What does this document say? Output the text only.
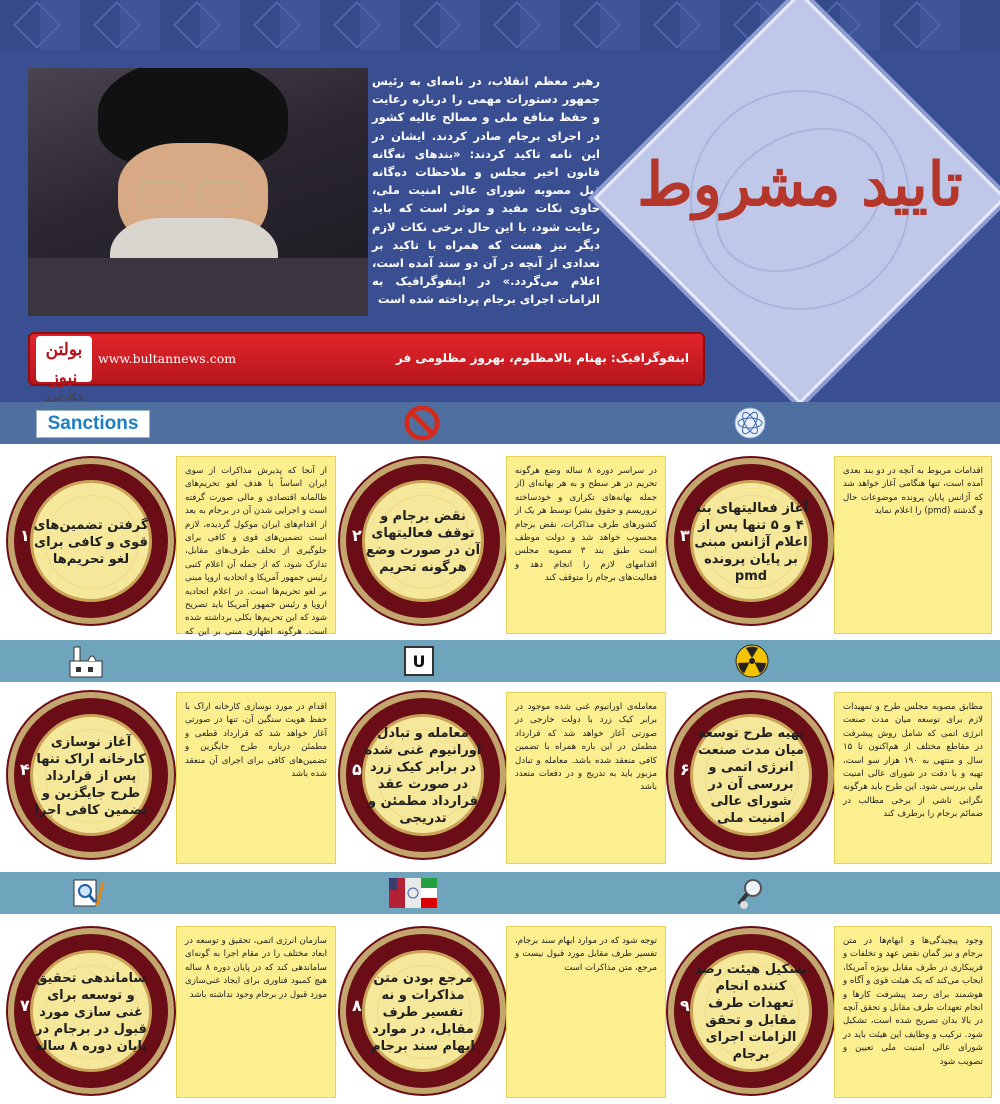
رهبر معظم انقلاب، در نامه‌ای به رئیس جمهور دستورات مهمی را درباره رعایت و حفظ منافع ملی و مصالح عالیه کشور در اجرای برجام صادر کردند. ایشان در این نامه تاکید کردند: «بندهای نه‌گانه قانون اخیر مجلس و ملاحظات ده‌گانه ذیل مصوبه شورای عالی امنیت ملی، حاوی نکات مفید و موثر است که باید رعایت شود، با این حال برخی نکات لازم دیگر نیز هست که همراه با تاکید بر تعدادی از آنچه در آن دو سند آمده است، اعلام می‌گردد.» در اینفوگرافیک به الزامات اجرای برجام پرداخته شده است
تایید مشروط
بولتن نیوز
پایگاه خبری
www.bultannews.com	اینفوگرافیک: بهنام بالامظلوم، بهروز مظلومی فر
Sanctions
گرفتن تضمین‌های قوی و کافی برای لغو تحریم‌ها
۱
از آنجا که پذیرش مذاکرات از سوی ایران اساساً با هدف لغو تحریم‌های ظالمانه اقتصادی و مالی صورت گرفته است و اجرایی شدن آن در برجام به بعد از اقدام‌های ایران موکول گردیده، لازم است تضمین‌های قوی و کافی برای جلوگیری از تخلف طرف‌های مقابل، تدارک شود، که از جمله آن اعلام کتبی رئیس جمهور آمریکا و اتحادیه اروپا مبنی بر لغو تحریم‌ها است. در اعلام اتحادیه اروپا و رئیس جمهور آمریکا باید تصریح شود که این تحریم‌ها بکلی برداشته شده است. هرگونه اظهاری مبنی بر این که
نقض برجام و توقف فعالیتهای آن در صورت وضع هرگونه تحریم
۲
در سراسر دوره ۸ ساله وضع هرگونه تحریم در هر سطح و به هر بهانه‌ای (از جمله بهانه‌های تکراری و خودساخته تروریسم و حقوق بشر) توسط هر یک از کشورهای طرف مذاکرات، نقض برجام محسوب خواهد شد و دولت موظف است طبق بند ۳ مصوبه مجلس اقدامهای لازم را انجام دهد و فعالیت‌های برجام را متوقف کند
آغاز فعالیتهای بند ۴ و ۵ تنها پس از اعلام آژانس مبنی بر پایان پرونده pmd
۳
اقدامات مربوط به آنچه در دو بند بعدی آمده است، تنها هنگامی آغاز خواهد شد که آژانس پایان پرونده موضوعات حال و گذشته (pmd) را اعلام نماید
U
آغاز نوسازی کارخانه اراک تنها پس از قرارداد طرح جایگزین و تضمین کافی اجرا
۴
اقدام در مورد نوسازی کارخانه اراک با حفظ هویت سنگین آن، تنها در صورتی آغاز خواهد شد که قرارداد قطعی و مطمئن درباره طرح جایگزین و تضمین‌های کافی برای اجرای آن منعقد شده باشد
معامله و تبادل اورانیوم غنی شده در برابر کیک زرد در صورت عقد قرارداد مطمئن و تدریجی
۵
معامله‌ی اورانیوم غنی شده موجود در برابر کیک زرد با دولت خارجی در صورتی آغاز خواهد شد که قرارداد مطمئن در این باره همراه با تضمین کافی منعقد شده باشد. معامله و تبادل مزبور باید به تدریج و در دفعات متعدد باشد
تهیه طرح توسعه میان مدت صنعت انرژی اتمی و بررسی آن در شورای عالی امنیت ملی
۶
مطابق مصوبه مجلس طرح و تمهیدات لازم برای توسعه میان مدت صنعت انرژی اتمی که شامل روش پیشرفت در مقاطع مختلف از هم‌اکنون تا ۱۵ سال و منتهی به ۱۹۰ هزار سو است، تهیه و با دقت در شورای عالی امنیت ملی بررسی شود. این طرح باید هرگونه نگرانی ناشی از برخی مطالب در ضمائم برجام را برطرف کند
ساماندهی تحقیق و توسعه برای غنی سازی مورد قبول در برجام در پایان دوره ۸ ساله
۷
سازمان انرژی اتمی، تحقیق و توسعه در ابعاد مختلف را در مقام اجرا به گونه‌ای ساماندهی کند که در پایان دوره ۸ ساله هیچ کمبود فناوری برای ایجاد غنی‌سازی مورد قبول در برجام وجود نداشته باشد
مرجع بودن متن مذاکرات و نه تفسیر طرف مقابل، در موارد ابهام سند برجام
۸
توجه شود که در موارد ابهام سند برجام، تفسیر طرف مقابل مورد قبول نیست و مرجع، متن مذاکرات است	تشکیل هیئت رصد کننده انجام تعهدات طرف مقابل و تحقق الزامات اجرای برجام
۹
وجود پیچیدگی‌ها و ابهام‌ها در متن برجام و نیز گمان نقض عهد و تخلفات و فریبکاری در طرف مقابل بویژه آمریکا، ایجاب می‌کند که یک هیئت قوی و آگاه و هوشمند برای رصد پیشرفت کارها و انجام تعهدات طرف مقابل و تحقق آنچه در بالا بدان تصریح شده است، تشکیل شود. ترکیب و وظایف این هیئت باید در شورای عالی امنیت ملی تعیین و تصویب شود
